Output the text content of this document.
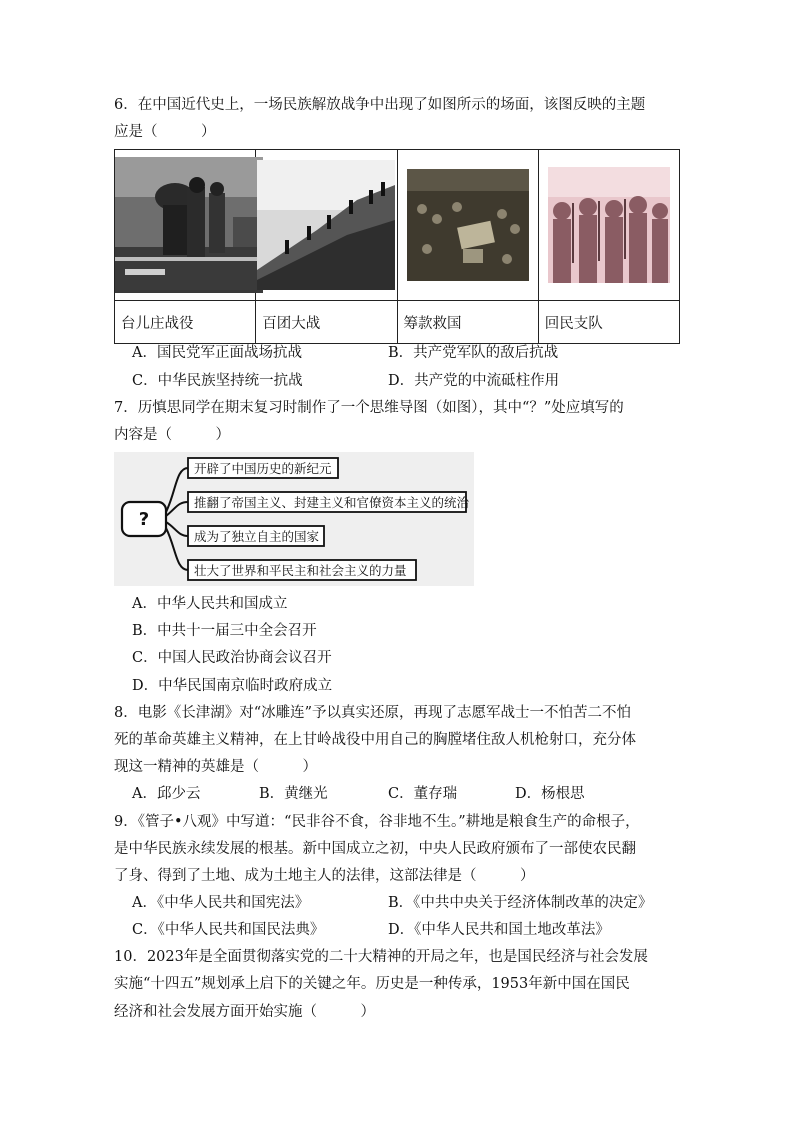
6．在中国近代史上，一场民族解放战争中出现了如图所示的场面，该图反映的主题
应是（　　　）

台儿庄战役	百团大战	筹款救国	回民支队
A．国民党军正面战场抗战	B．共产党军队的敌后抗战
C．中华民族坚持统一抗战	D．共产党的中流砥柱作用
7．历慎思同学在期末复习时制作了一个思维导图（如图），其中“？”处应填写的
内容是（　　　）
?
开辟了中国历史的新纪元
推翻了帝国主义、封建主义和官僚资本主义的统治
成为了独立自主的国家
壮大了世界和平民主和社会主义的力量
A．中华人民共和国成立
B．中共十一届三中全会召开
C．中国人民政治协商会议召开
D．中华民国南京临时政府成立
8．电影《长津湖》对“冰雕连”予以真实还原，再现了志愿军战士一不怕苦二不怕
死的革命英雄主义精神，在上甘岭战役中用自己的胸膛堵住敌人机枪射口，充分体
现这一精神的英雄是（　　　）
A．邱少云	B．黄继光	C．董存瑞	D．杨根思
9．《管子•八观》中写道：“民非谷不食，谷非地不生。”耕地是粮食生产的命根子，
是中华民族永续发展的根基。新中国成立之初，中央人民政府颁布了一部使农民翻
了身、得到了土地、成为土地主人的法律，这部法律是（　　　）
A．《中华人民共和国宪法》	B．《中共中央关于经济体制改革的决定》
C．《中华人民共和国民法典》	D．《中华人民共和国土地改革法》
10．2023年是全面贯彻落实党的二十大精神的开局之年，也是国民经济与社会发展
实施“十四五”规划承上启下的关键之年。历史是一种传承，1953年新中国在国民
经济和社会发展方面开始实施（　　　）
